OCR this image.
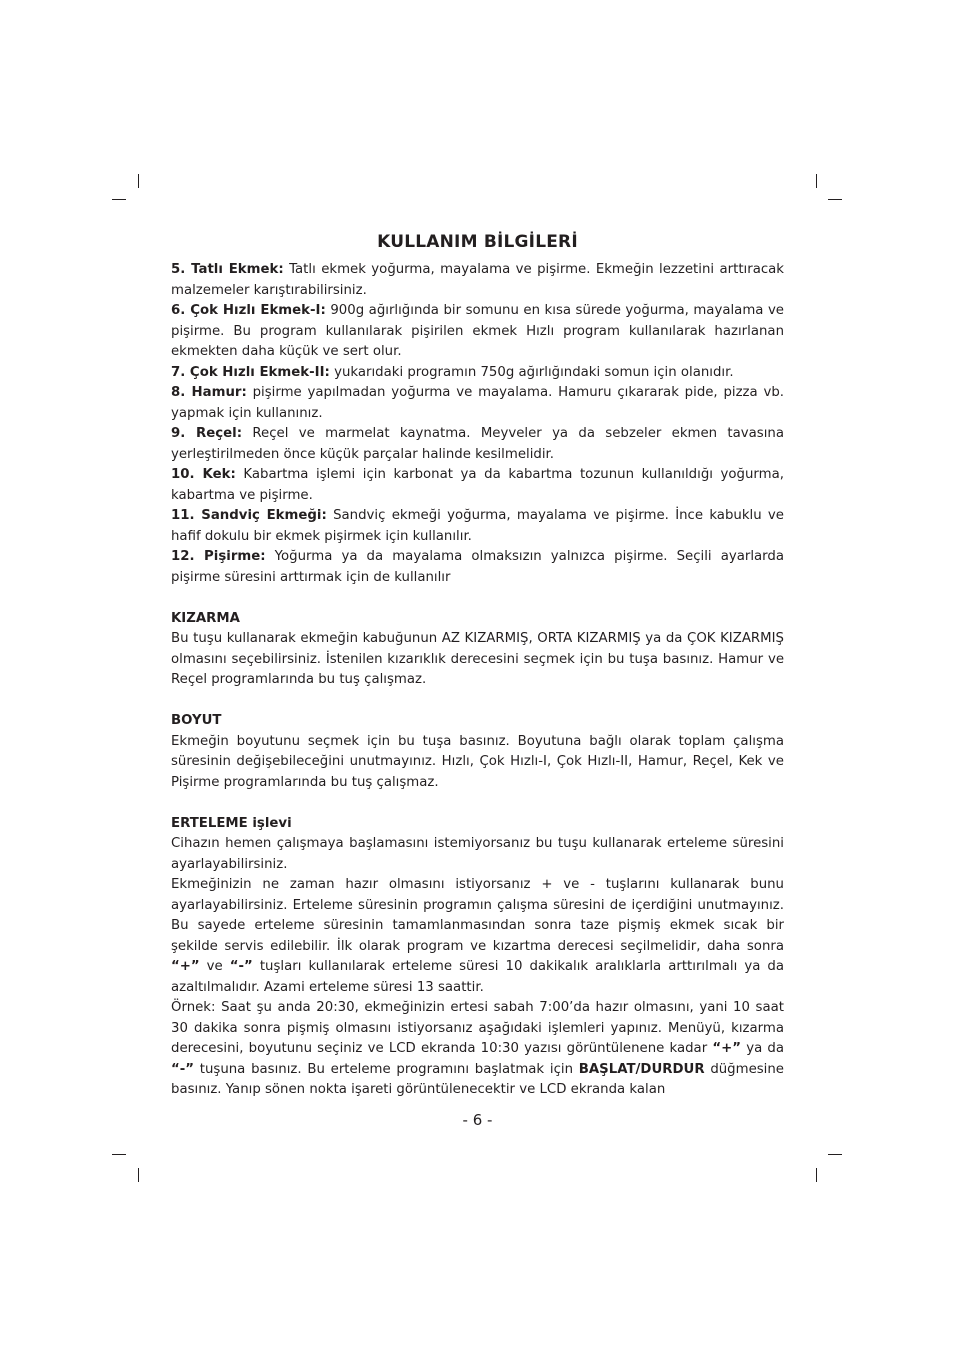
KULLANIM BİLGİLERİ

5. Tatlı Ekmek: Tatlı ekmek yoğurma, mayalama ve pişirme. Ekmeğin lezzetini arttıracak malzemeler karıştırabilirsiniz.

6. Çok Hızlı Ekmek-I: 900g ağırlığında bir somunu en kısa sürede yoğurma, mayalama ve pişirme. Bu program kullanılarak pişirilen ekmek Hızlı program kullanılarak hazırlanan ekmekten daha küçük ve sert olur.

7. Çok Hızlı Ekmek-II: yukarıdaki programın 750g ağırlığındaki somun için olanıdır.

8. Hamur: pişirme yapılmadan yoğurma ve mayalama. Hamuru çıkararak pide, pizza vb. yapmak için kullanınız.

9. Reçel: Reçel ve marmelat kaynatma. Meyveler ya da sebzeler ekmen tavasına yerleştirilmeden önce küçük parçalar halinde kesilmelidir.

10. Kek: Kabartma işlemi için karbonat ya da kabartma tozunun kullanıldığı yoğurma, kabartma ve pişirme.

11. Sandviç Ekmeği: Sandviç ekmeği yoğurma, mayalama ve pişirme. İnce kabuklu ve hafif dokulu bir ekmek pişirmek için kullanılır.

12. Pişirme: Yoğurma ya da mayalama olmaksızın yalnızca pişirme. Seçili ayarlarda pişirme süresini arttırmak için de kullanılır

KIZARMA

Bu tuşu kullanarak ekmeğin kabuğunun AZ KIZARMIŞ, ORTA KIZARMIŞ ya da ÇOK KIZARMIŞ olmasını seçebilirsiniz. İstenilen kızarıklık derecesini seçmek için bu tuşa basınız. Hamur ve Reçel programlarında bu tuş çalışmaz.

BOYUT

Ekmeğin boyutunu seçmek için bu tuşa basınız. Boyutuna bağlı olarak toplam çalışma süresinin değişebileceğini unutmayınız. Hızlı, Çok Hızlı-I, Çok Hızlı-II, Hamur, Reçel, Kek ve Pişirme programlarında bu tuş çalışmaz.

ERTELEME işlevi

Cihazın hemen çalışmaya başlamasını istemiyorsanız bu tuşu kullanarak erteleme süresini ayarlayabilirsiniz.

Ekmeğinizin ne zaman hazır olmasını istiyorsanız + ve - tuşlarını kullanarak bunu ayarlayabilirsiniz. Erteleme süresinin programın çalışma süresini de içerdiğini unutmayınız. Bu sayede erteleme süresinin tamamlanmasından sonra taze pişmiş ekmek sıcak bir şekilde servis edilebilir. İlk olarak program ve kızartma derecesi seçilmelidir, daha sonra “+” ve “-” tuşları kullanılarak erteleme süresi 10 dakikalık aralıklarla arttırılmalı ya da azaltılmalıdır. Azami erteleme süresi 13 saattir.

Örnek: Saat şu anda 20:30, ekmeğinizin ertesi sabah 7:00’da hazır olmasını, yani 10 saat 30 dakika sonra pişmiş olmasını istiyorsanız aşağıdaki işlemleri yapınız. Menüyü, kızarma derecesini, boyutunu seçiniz ve LCD ekranda 10:30 yazısı görüntülenene kadar “+” ya da “-” tuşuna basınız. Bu erteleme programını başlatmak için BAŞLAT/DURDUR düğmesine basınız. Yanıp sönen nokta işareti görüntülenecektir ve LCD ekranda kalan

- 6 -
